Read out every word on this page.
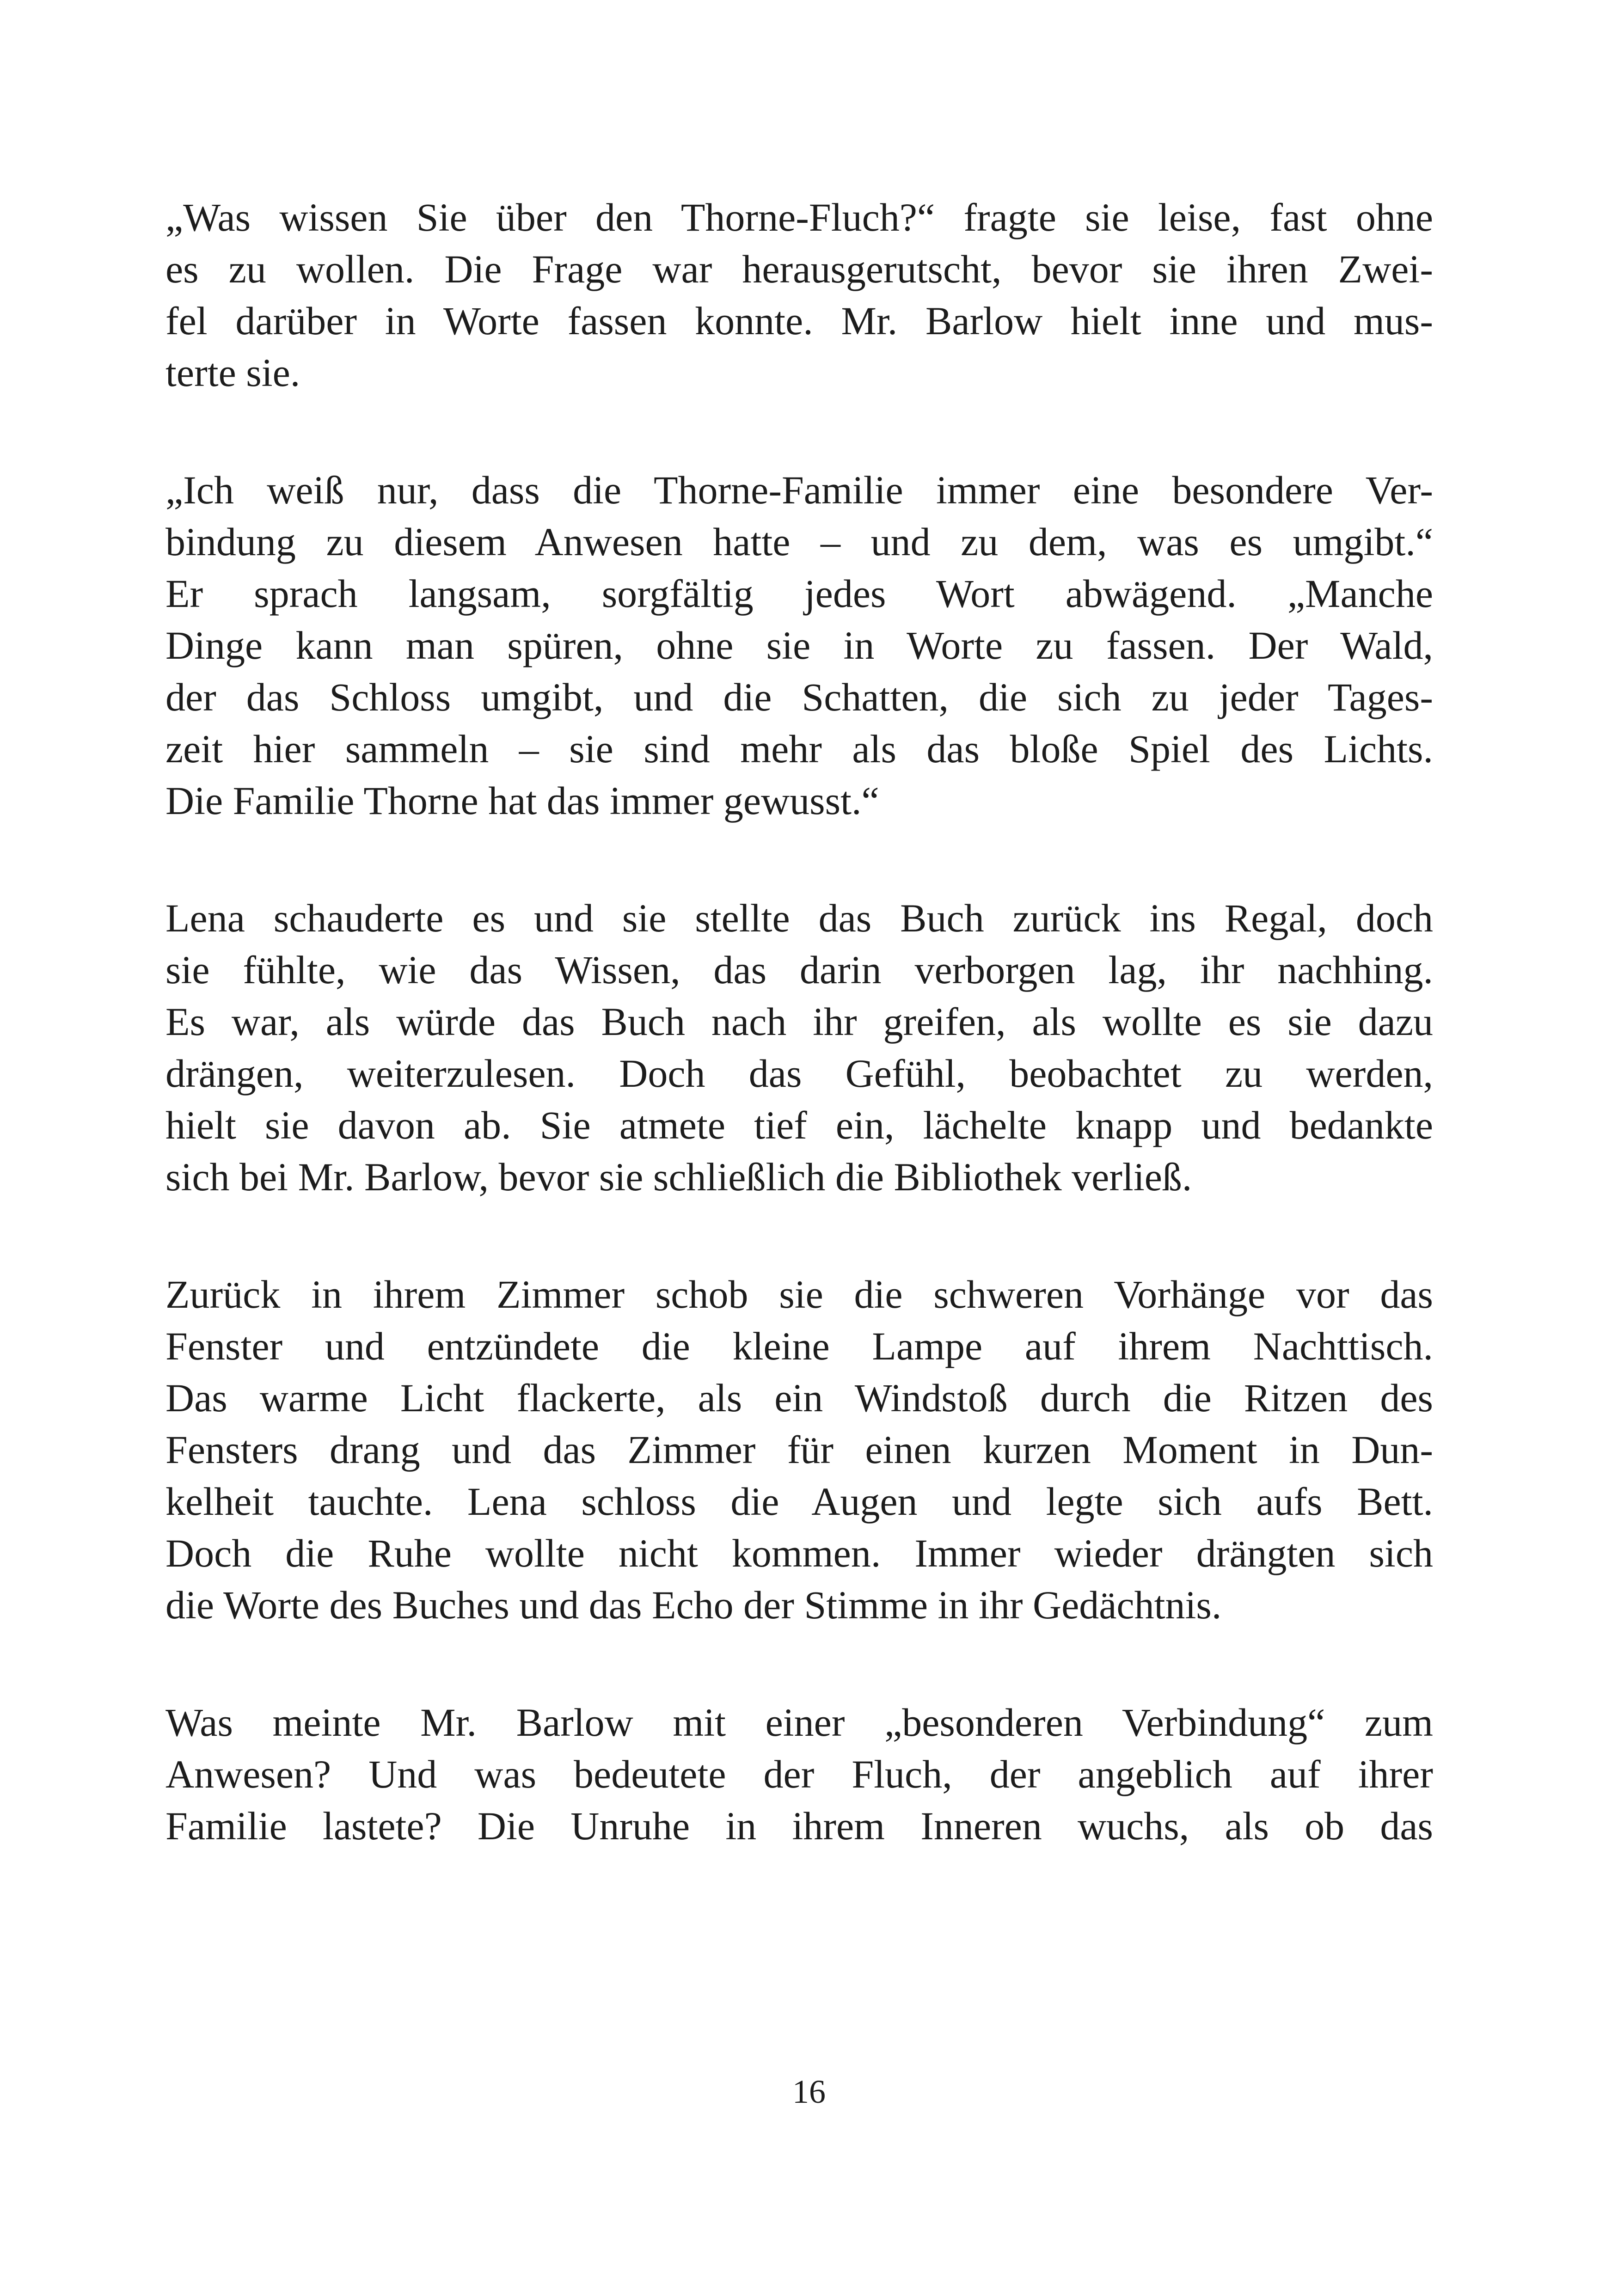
„Was wissen Sie über den Thorne-Fluch?“ fragte sie leise, fast ohne

es zu wollen. Die Frage war herausgerutscht, bevor sie ihren Zwei-

fel darüber in Worte fassen konnte. Mr. Barlow hielt inne und mus-

terte sie.

„Ich weiß nur, dass die Thorne-Familie immer eine besondere Ver-

bindung zu diesem Anwesen hatte – und zu dem, was es umgibt.“

Er sprach langsam, sorgfältig jedes Wort abwägend. „Manche

Dinge kann man spüren, ohne sie in Worte zu fassen. Der Wald,

der das Schloss umgibt, und die Schatten, die sich zu jeder Tages-

zeit hier sammeln – sie sind mehr als das bloße Spiel des Lichts.

Die Familie Thorne hat das immer gewusst.“

Lena schauderte es und sie stellte das Buch zurück ins Regal, doch

sie fühlte, wie das Wissen, das darin verborgen lag, ihr nachhing.

Es war, als würde das Buch nach ihr greifen, als wollte es sie dazu

drängen, weiterzulesen. Doch das Gefühl, beobachtet zu werden,

hielt sie davon ab. Sie atmete tief ein, lächelte knapp und bedankte

sich bei Mr. Barlow, bevor sie schließlich die Bibliothek verließ.

Zurück in ihrem Zimmer schob sie die schweren Vorhänge vor das

Fenster und entzündete die kleine Lampe auf ihrem Nachttisch.

Das warme Licht flackerte, als ein Windstoß durch die Ritzen des

Fensters drang und das Zimmer für einen kurzen Moment in Dun-

kelheit tauchte. Lena schloss die Augen und legte sich aufs Bett.

Doch die Ruhe wollte nicht kommen. Immer wieder drängten sich

die Worte des Buches und das Echo der Stimme in ihr Gedächtnis.

Was meinte Mr. Barlow mit einer „besonderen Verbindung“ zum

Anwesen? Und was bedeutete der Fluch, der angeblich auf ihrer

Familie lastete? Die Unruhe in ihrem Inneren wuchs, als ob das

16
